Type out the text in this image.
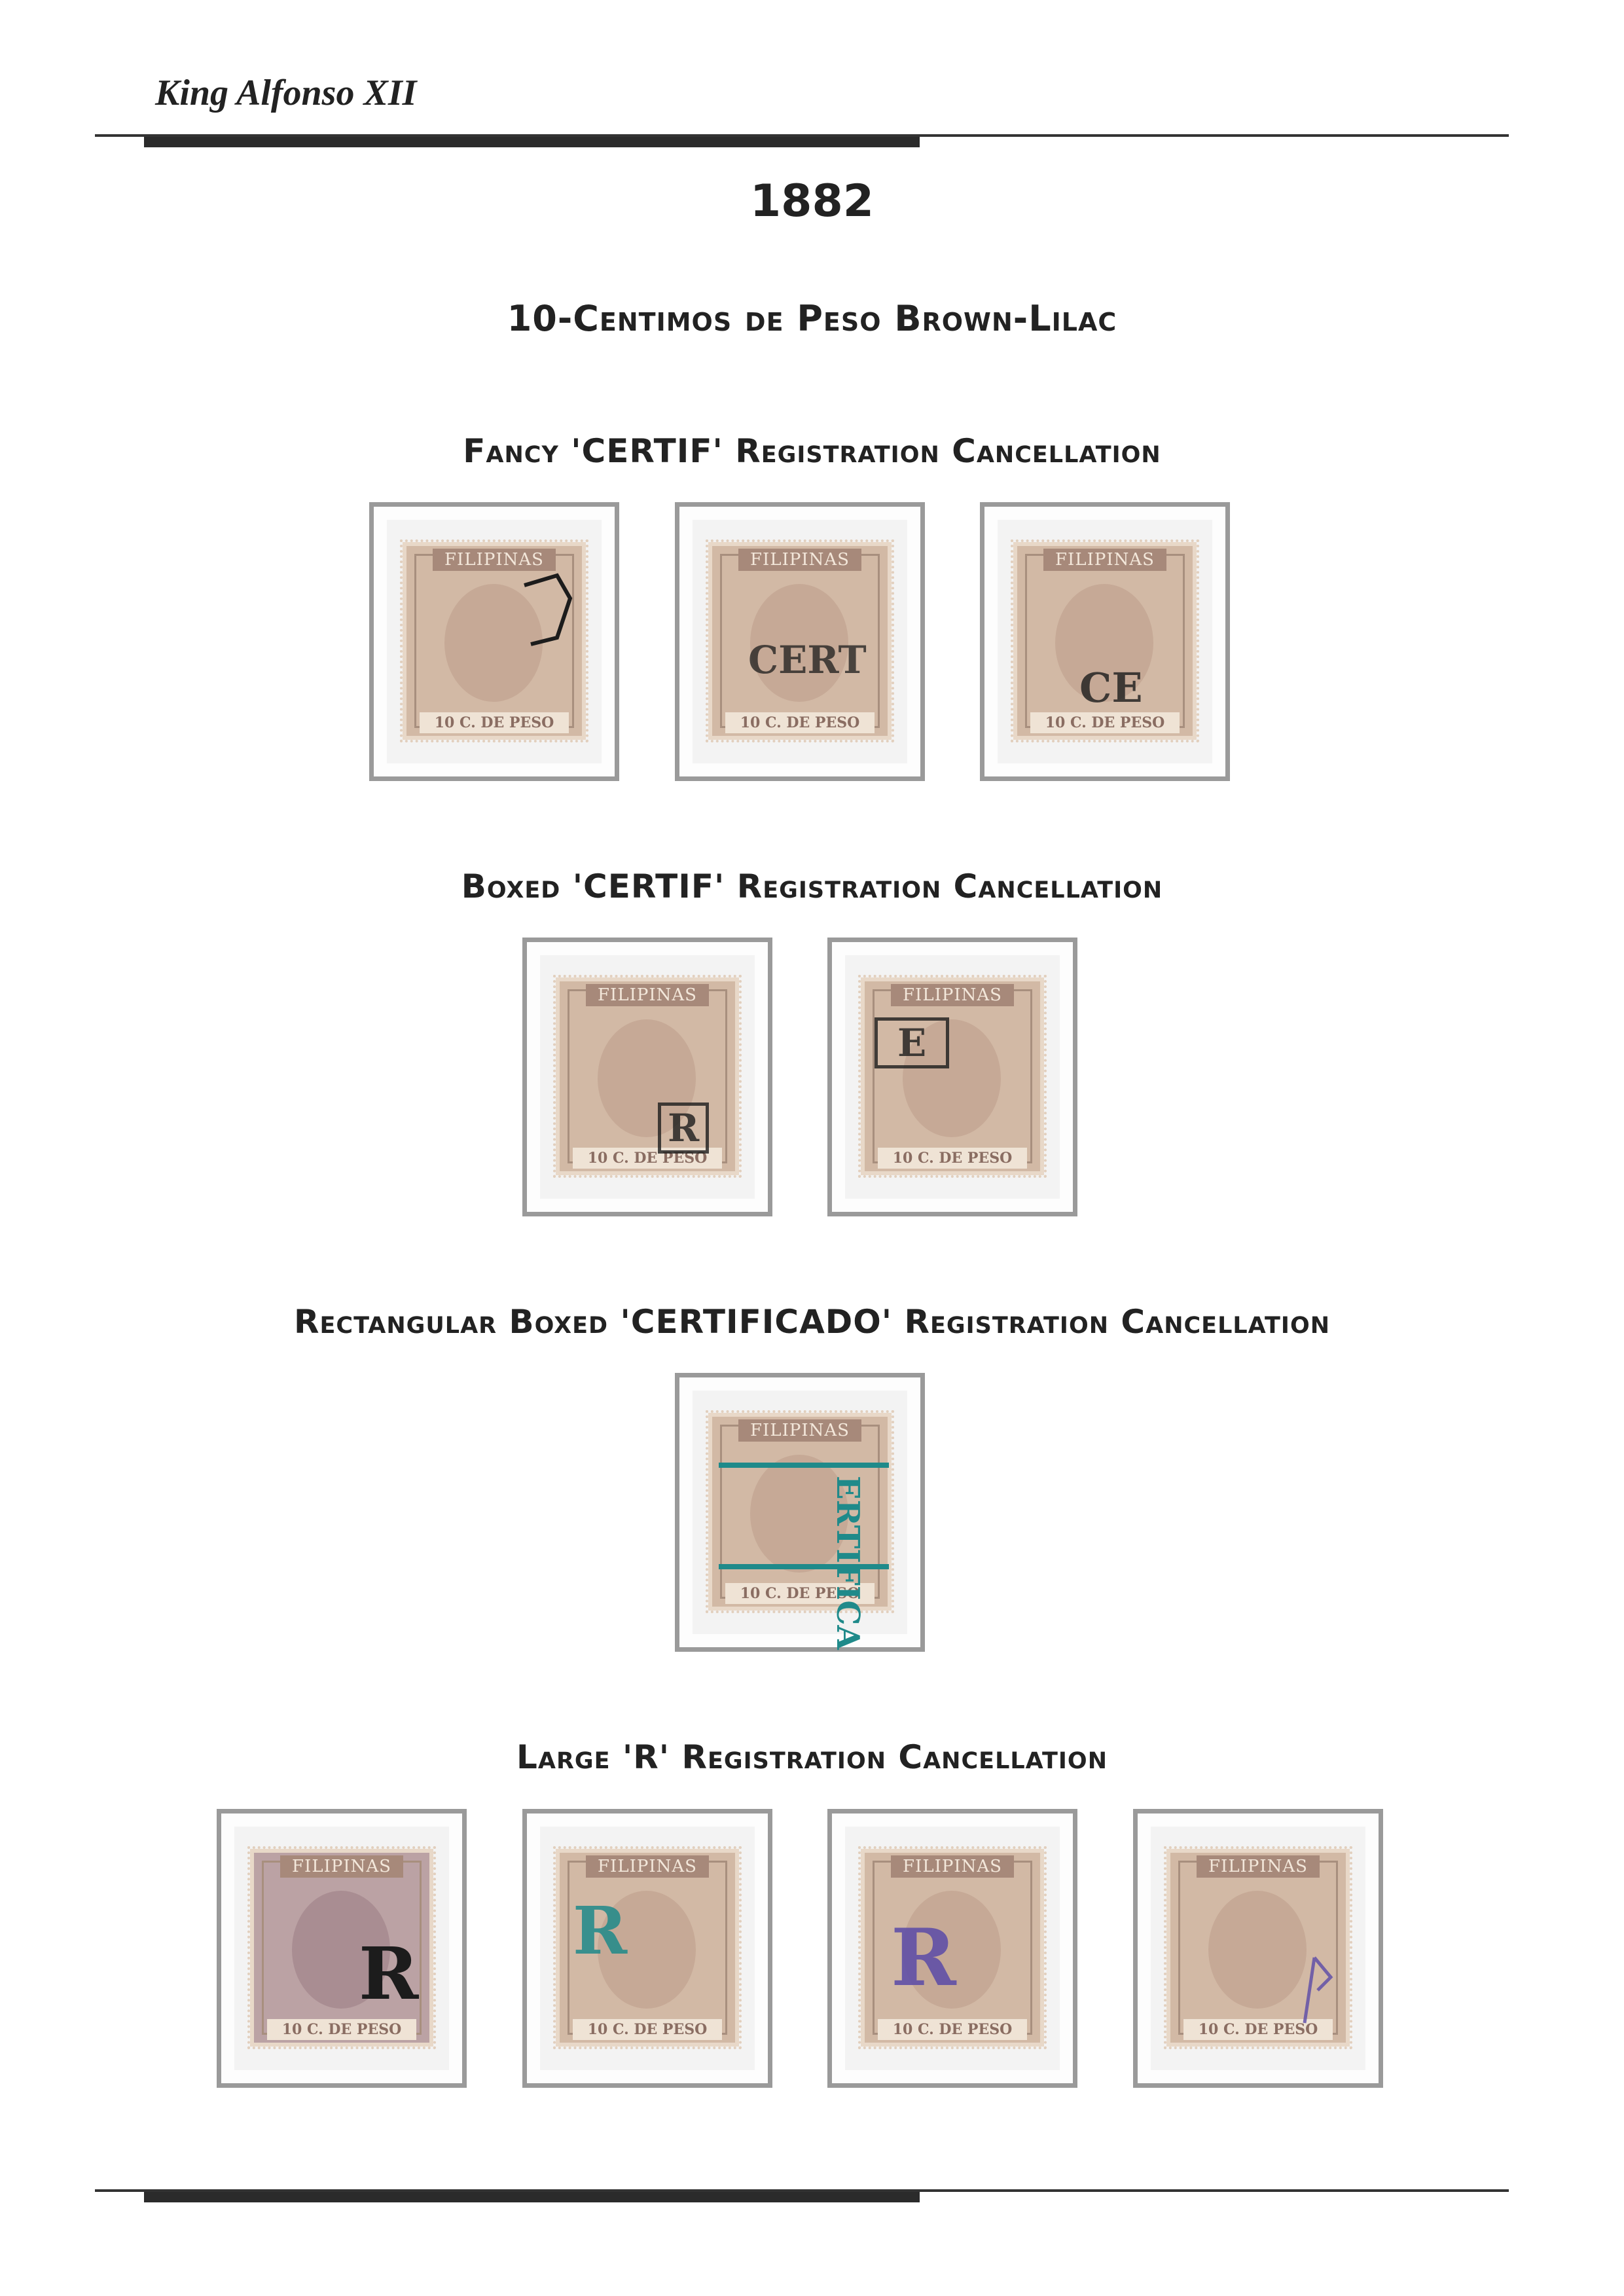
King Alfonso XII
1882
10-Centimos de Peso Brown-Lilac
Fancy 'CERTIF' Registration Cancellation
FILIPINAS
10 C. DE PESO
FILIPINAS
10 C. DE PESO
CERT
FILIPINAS
10 C. DE PESO
CE
Boxed 'CERTIF' Registration Cancellation
FILIPINAS
10 C. DE PESO
R
FILIPINAS
10 C. DE PESO
E
Rectangular Boxed 'CERTIFICADO' Registration Cancellation
FILIPINAS
10 C. DE PESO
ERTIFICA
Large 'R' Registration Cancellation
FILIPINAS
10 C. DE PESO
R
FILIPINAS
10 C. DE PESO
R
FILIPINAS
10 C. DE PESO
R
FILIPINAS
10 C. DE PESO
